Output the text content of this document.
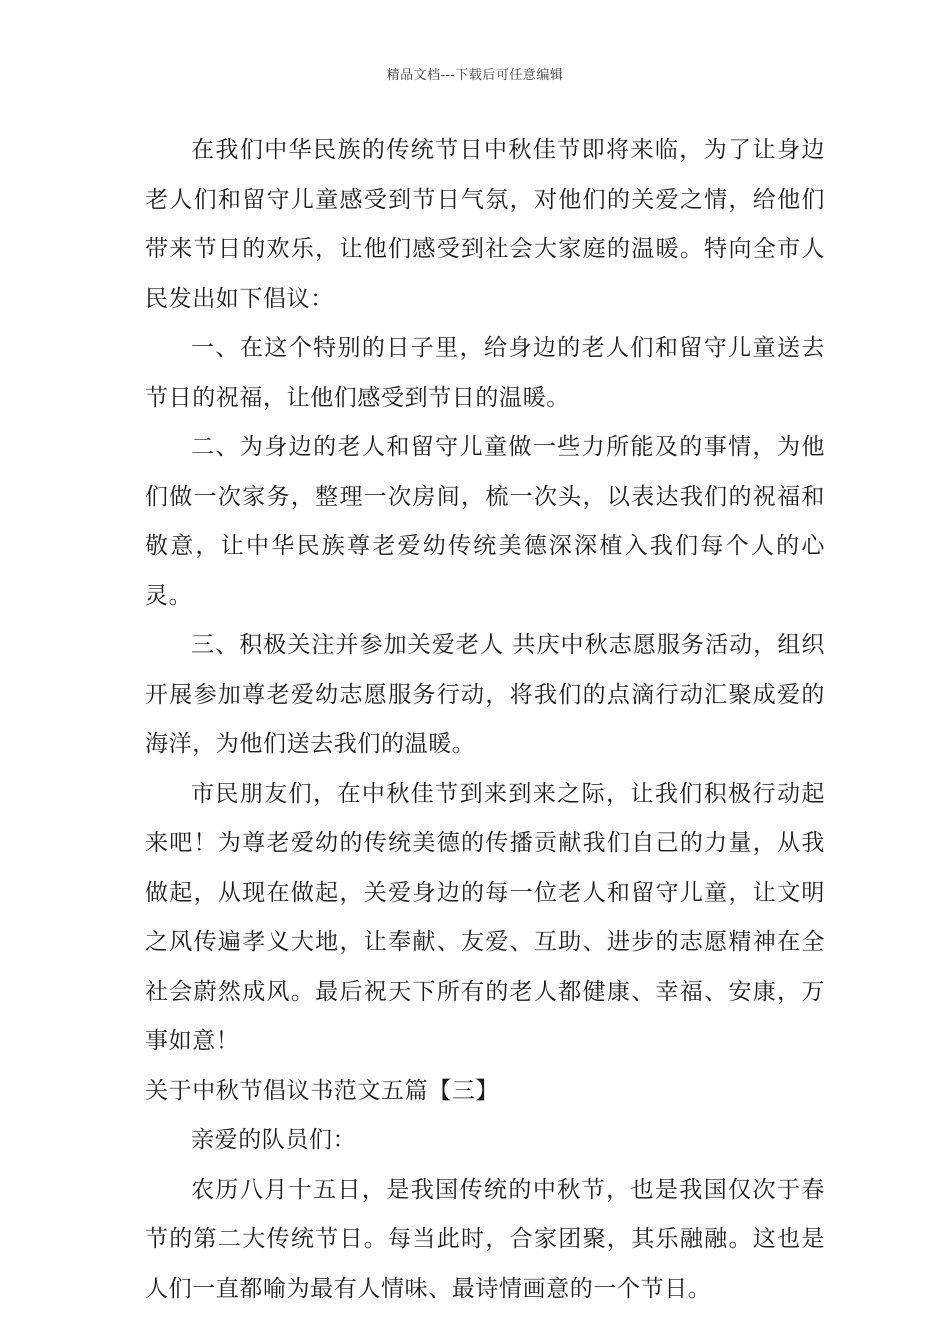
精品文档---下载后可任意编辑

在我们中华民族的传统节日中秋佳节即将来临，为了让身边老人们和留守儿童感受到节日气氛，对他们的关爱之情，给他们带来节日的欢乐，让他们感受到社会大家庭的温暖。特向全市人民发出如下倡议：

一、在这个特别的日子里，给身边的老人们和留守儿童送去节日的祝福，让他们感受到节日的温暖。

二、为身边的老人和留守儿童做一些力所能及的事情，为他们做一次家务，整理一次房间，梳一次头，以表达我们的祝福和敬意，让中华民族尊老爱幼传统美德深深植入我们每个人的心灵。

三、积极关注并参加关爱老人 共庆中秋志愿服务活动，组织开展参加尊老爱幼志愿服务行动，将我们的点滴行动汇聚成爱的海洋，为他们送去我们的温暖。

市民朋友们，在中秋佳节到来到来之际，让我们积极行动起来吧！为尊老爱幼的传统美德的传播贡献我们自己的力量，从我做起，从现在做起，关爱身边的每一位老人和留守儿童，让文明之风传遍孝义大地，让奉献、友爱、互助、进步的志愿精神在全社会蔚然成风。最后祝天下所有的老人都健康、幸福、安康，万事如意！

关于中秋节倡议书范文五篇【三】

亲爱的队员们：

农历八月十五日，是我国传统的中秋节，也是我国仅次于春节的第二大传统节日。每当此时，合家团聚，其乐融融。这也是人们一直都喻为最有人情味、最诗情画意的一个节日。
